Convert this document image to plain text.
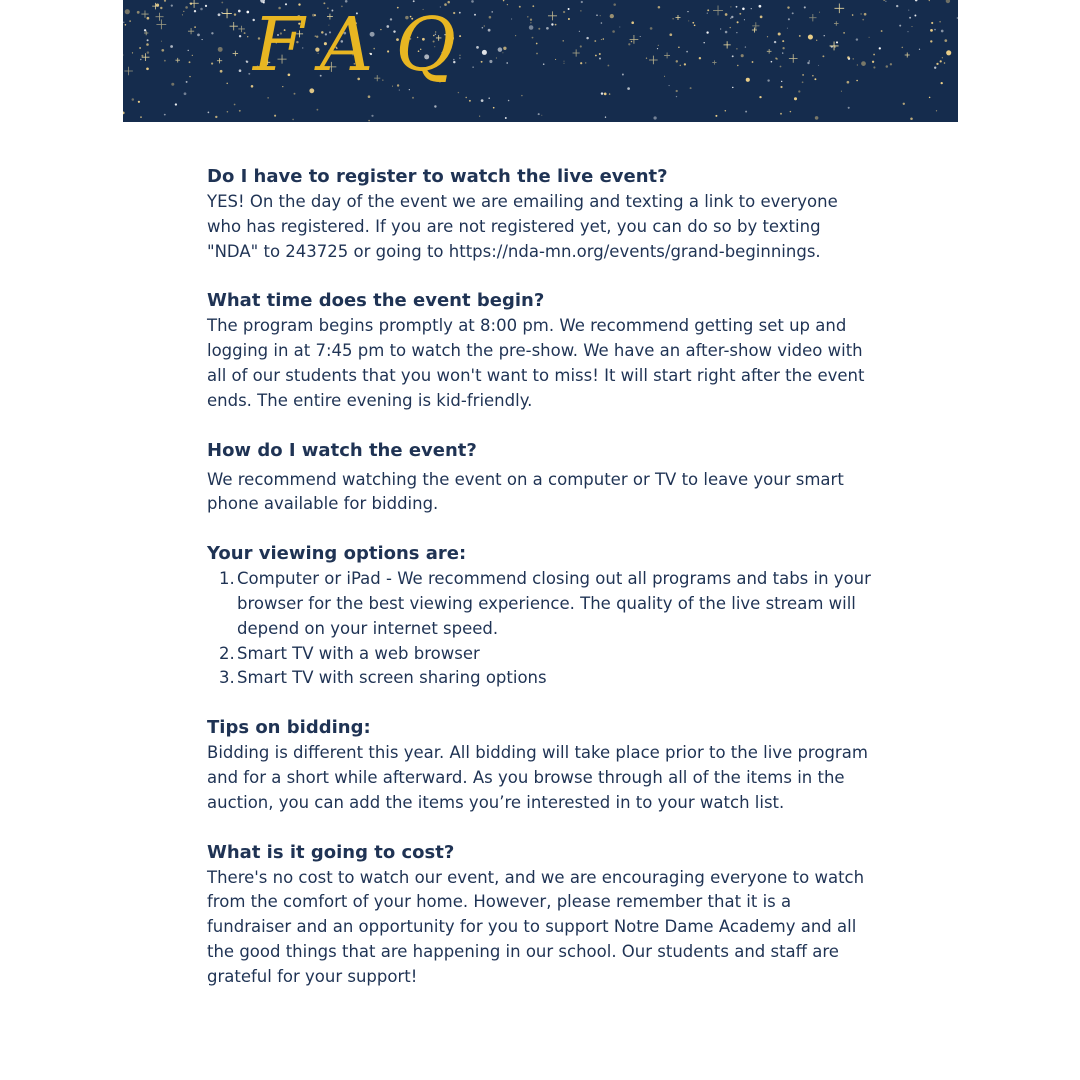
FAQ
Do I have to register to watch the live event?

YES! On the day of the event we are emailing and texting a link to everyone who has registered. If you are not registered yet, you can do so by texting "NDA" to 243725 or going to https://nda-mn.org/events/grand-beginnings.

What time does the event begin?

The program begins promptly at 8:00 pm. We recommend getting set up and logging in at 7:45 pm to watch the pre-show. We have an after-show video with all of our students that you won't want to miss! It will start right after the event ends. The entire evening is kid-friendly.

How do I watch the event?

We recommend watching the event on a computer or TV to leave your smart phone available for bidding.

Your viewing options are:
1. Computer or iPad - We recommend closing out all programs and tabs in your browser for the best viewing experience. The quality of the live stream will depend on your internet speed.
2. Smart TV with a web browser
3. Smart TV with screen sharing options
Tips on bidding:

Bidding is different this year. All bidding will take place prior to the live program and for a short while afterward. As you browse through all of the items in the auction, you can add the items you’re interested in to your watch list.

What is it going to cost?

There's no cost to watch our event, and we are encouraging everyone to watch from the comfort of your home. However, please remember that it is a fundraiser and an opportunity for you to support Notre Dame Academy and all the good things that are happening in our school. Our students and staff are grateful for your support!
